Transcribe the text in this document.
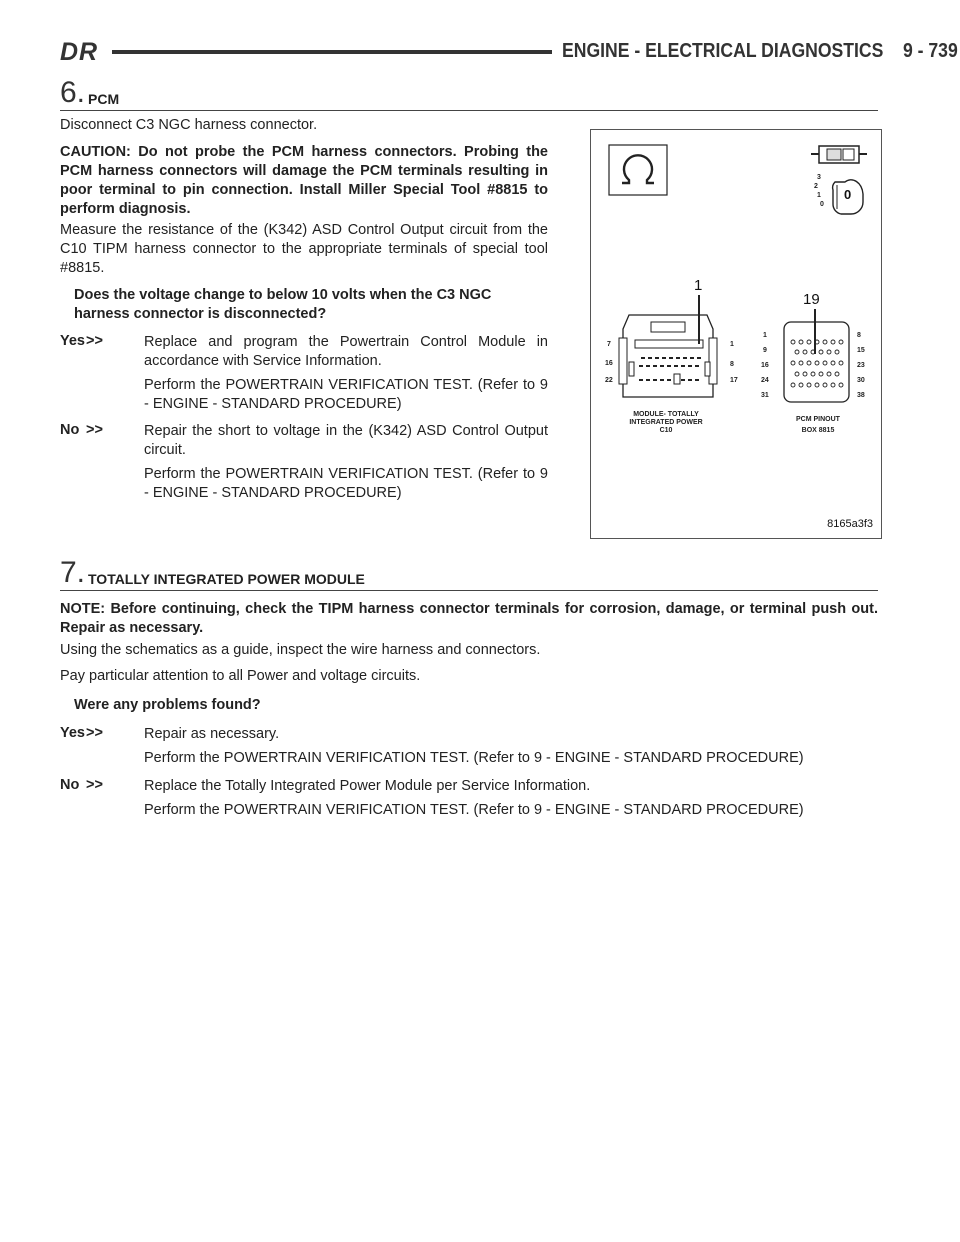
DR	ENGINE - ELECTRICAL DIAGNOSTICS 9 - 739
6. PCM

Disconnect C3 NGC harness connector.

CAUTION: Do not probe the PCM harness connectors. Probing the PCM harness connectors will damage the PCM terminals resulting in poor terminal to pin connection. Install Miller Special Tool #8815 to perform diagnosis.

Measure the resistance of the (K342) ASD Control Output circuit from the C10 TIPM harness connector to the appropriate terminals of special tool #8815.

Does the voltage change to below 10 volts when the C3 NGC harness connector is disconnected?

Yes >>	Replace and program the Powertrain Control Module in accordance with Service Information.

Perform the POWERTRAIN VERIFICATION TEST. (Refer to 9 - ENGINE - STANDARD PROCEDURE)

No >>	Repair the short to voltage in the (K342) ASD Control Output circuit.

Perform the POWERTRAIN VERIFICATION TEST. (Refer to 9 - ENGINE - STANDARD PROCEDURE)

1
19
3
2
1
0
0
7
16
22
1
8
17
MODULE- TOTALLY INTEGRATED POWER C10
1
9
16
24
31
8
15
23
30
38
PCM PINOUT
BOX 8815
8165a3f3
7. TOTALLY INTEGRATED POWER MODULE

NOTE: Before continuing, check the TIPM harness connector terminals for corrosion, damage, or terminal push out. Repair as necessary.

Using the schematics as a guide, inspect the wire harness and connectors.

Pay particular attention to all Power and voltage circuits.

Were any problems found?

Yes >>	Repair as necessary.

Perform the POWERTRAIN VERIFICATION TEST. (Refer to 9 - ENGINE - STANDARD PROCEDURE)

No >>	Replace the Totally Integrated Power Module per Service Information.

Perform the POWERTRAIN VERIFICATION TEST. (Refer to 9 - ENGINE - STANDARD PROCEDURE)
